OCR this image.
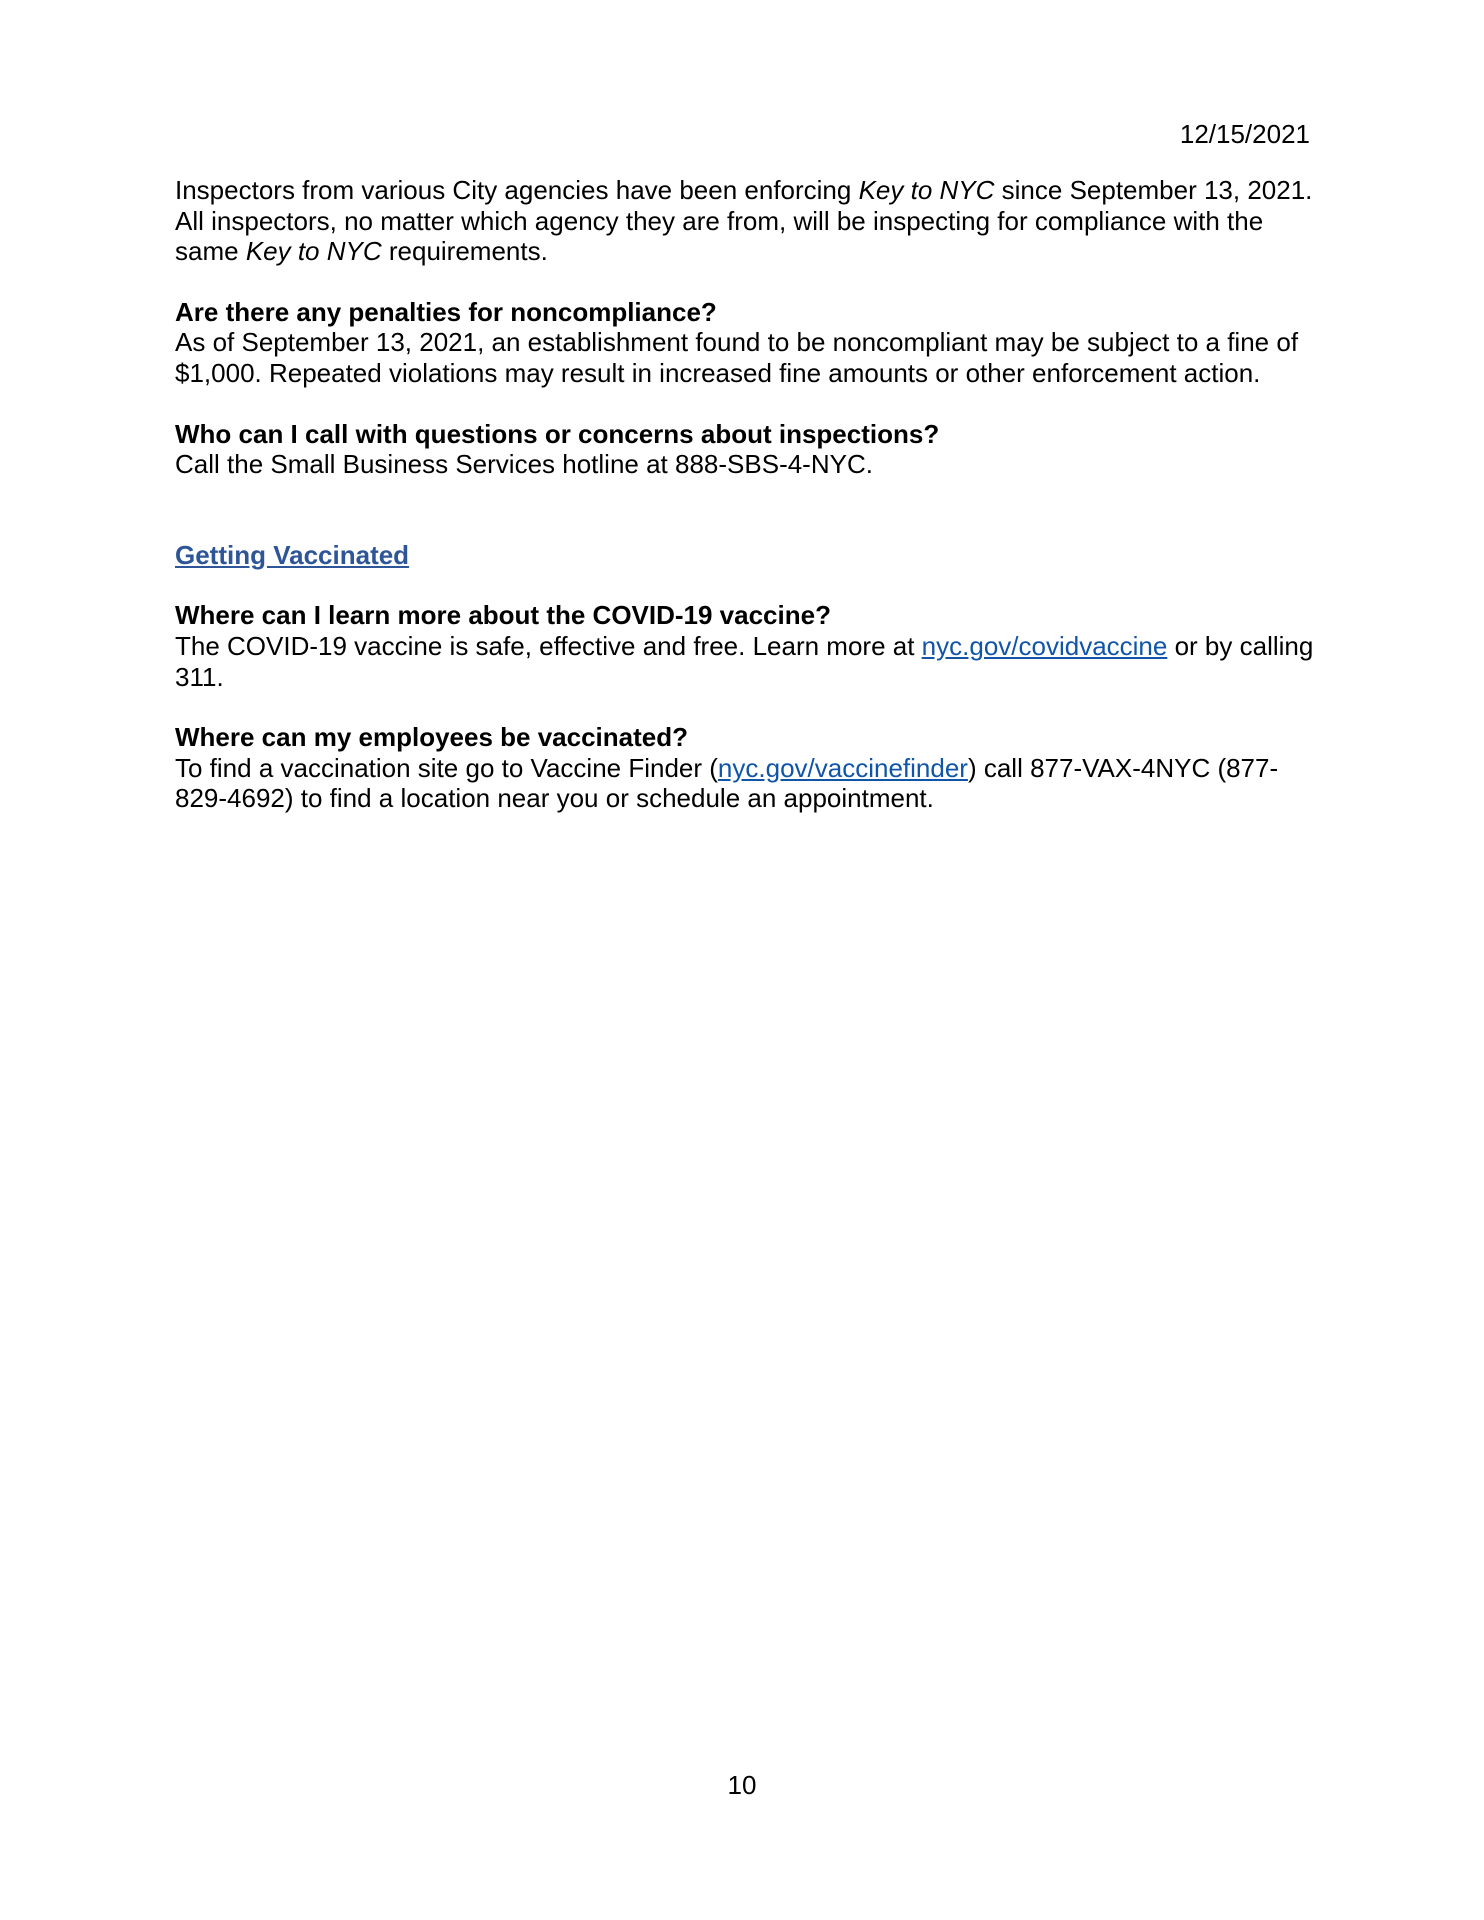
12/15/2021

Inspectors from various City agencies have been enforcing Key to NYC since September 13, 2021. All inspectors, no matter which agency they are from, will be inspecting for compliance with the same Key to NYC requirements.

Are there any penalties for noncompliance?

As of September 13, 2021, an establishment found to be noncompliant may be subject to a fine of $1,000. Repeated violations may result in increased fine amounts or other enforcement action.

Who can I call with questions or concerns about inspections?

Call the Small Business Services hotline at 888-SBS-4-NYC.

Getting Vaccinated

Where can I learn more about the COVID-19 vaccine?

The COVID-19 vaccine is safe, effective and free. Learn more at nyc.gov/covidvaccine or by calling 311.

Where can my employees be vaccinated?

To find a vaccination site go to Vaccine Finder (nyc.gov/vaccinefinder) call 877-VAX-4NYC (877-829-4692) to find a location near you or schedule an appointment.

10
